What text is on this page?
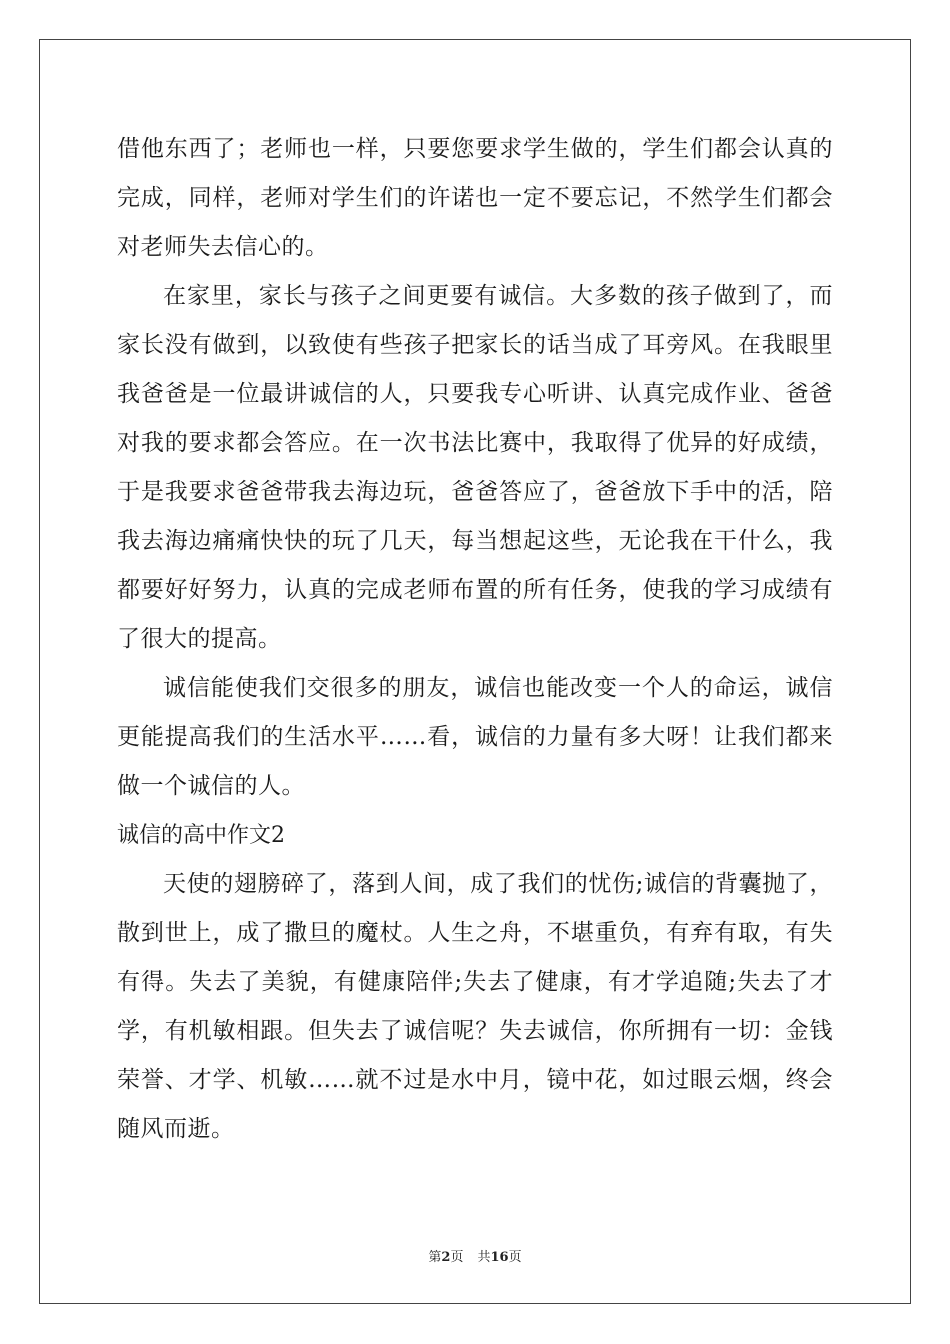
借他东西了；老师也一样，只要您要求学生做的，学生们都会认真的
完成，同样，老师对学生们的许诺也一定不要忘记，不然学生们都会
对老师失去信心的。
在家里，家长与孩子之间更要有诚信。大多数的孩子做到了，而
家长没有做到，以致使有些孩子把家长的话当成了耳旁风。在我眼里
我爸爸是一位最讲诚信的人，只要我专心听讲、认真完成作业、爸爸
对我的要求都会答应。在一次书法比赛中，我取得了优异的好成绩，
于是我要求爸爸带我去海边玩，爸爸答应了，爸爸放下手中的活，陪
我去海边痛痛快快的玩了几天，每当想起这些，无论我在干什么，我
都要好好努力，认真的完成老师布置的所有任务，使我的学习成绩有
了很大的提高。
诚信能使我们交很多的朋友，诚信也能改变一个人的命运，诚信
更能提高我们的生活水平……看，诚信的力量有多大呀！让我们都来
做一个诚信的人。
诚信的高中作文2
天使的翅膀碎了，落到人间，成了我们的忧伤;诚信的背囊抛了，
散到世上，成了撒旦的魔杖。人生之舟，不堪重负，有弃有取，有失
有得。失去了美貌，有健康陪伴;失去了健康，有才学追随;失去了才
学，有机敏相跟。但失去了诚信呢？失去诚信，你所拥有一切：金钱
荣誉、才学、机敏……就不过是水中月，镜中花，如过眼云烟，终会
随风而逝。
第2页 共16页
